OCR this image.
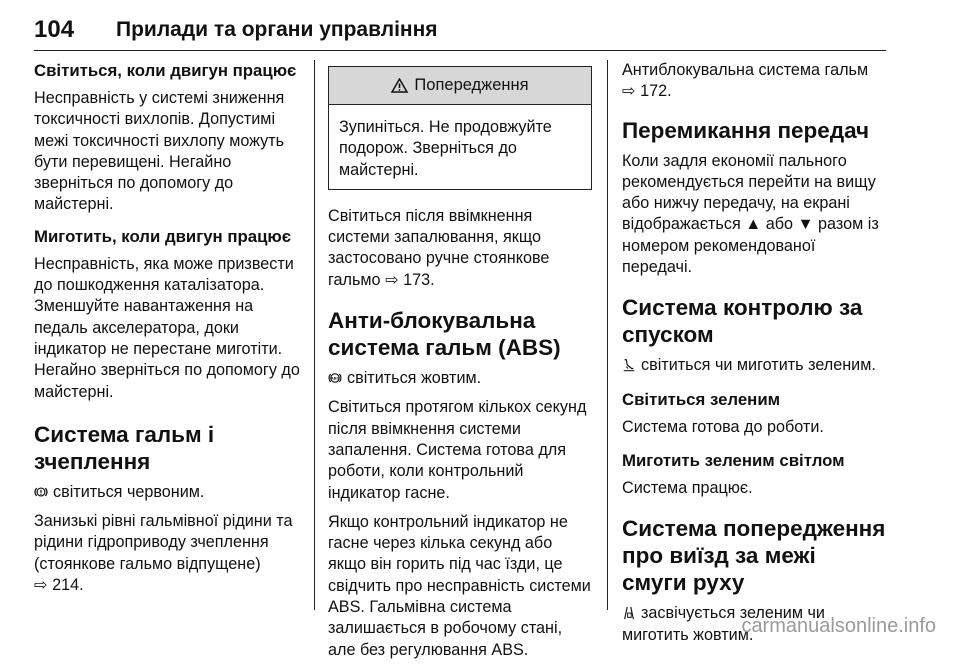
104 Прилади та органи управління
Світиться, коли двигун працює

Несправність у системі зниження токсичності вихлопів. Допустимі межі токсичності вихлопу можуть бути перевищені. Негайно зверніться по допомогу до майстерні.

Миготить, коли двигун працює

Несправність, яка може призвести до пошкодження каталізатора. Зменшуйте навантаження на педаль акселератора, доки індикатор не перестане миготіти. Негайно зверніться по допомогу до майстерні.

Система гальм і зчеплення

світиться червоним.

Занизькі рівні гальмівної рідини та рідини гідроприводу зчеплення (стоянкове гальмо відпущене)
⇨ 214.

Попередження

Зупиніться. Не продовжуйте подорож. Зверніться до майстерні.

Світиться після ввімкнення системи запалювання, якщо застосовано ручне стоянкове гальмо ⇨ 173.

Анти-блокувальна система гальм (ABS)

ABS світиться жовтим.

Світиться протягом кількох секунд після ввімкнення системи запалення. Система готова для роботи, коли контрольний індикатор гасне.

Якщо контрольний індикатор не гасне через кілька секунд або якщо він горить під час їзди, це свідчить про несправність системи ABS. Гальмівна система залишається в робочому стані, але без регулювання ABS.

Антиблокувальна система гальм
⇨ 172.

Перемикання передач

Коли задля економії пального рекомендується перейти на вищу або нижчу передачу, на екрані відображається ▲ або ▼ разом із номером рекомендованої передачі.

Система контролю за спуском

світиться чи миготить зеленим.

Світиться зеленим

Система готова до роботи.

Миготить зеленим світлом

Система працює.

Система попередження про виїзд за межі смуги руху

засвічується зеленим чи миготить жовтим.

carmanualsonline.info
